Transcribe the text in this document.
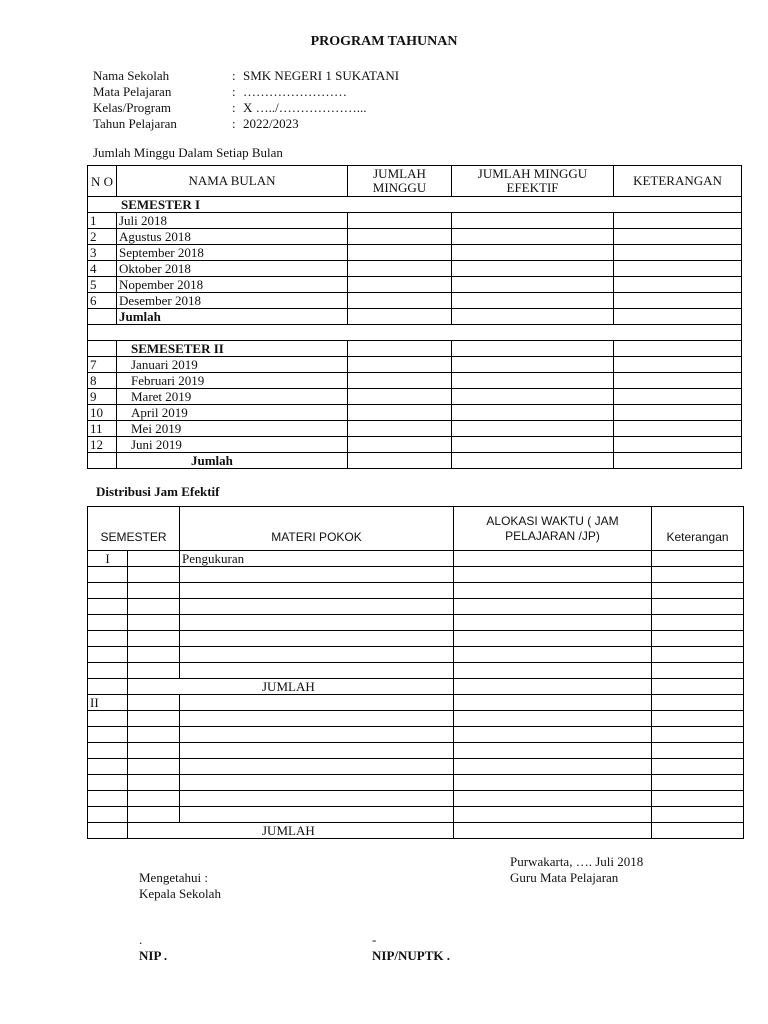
PROGRAM TAHUNAN
Nama Sekolah	: SMK NEGERI 1 SUKATANI
Mata Pelajaran	: ……………………
Kelas/Program	: X …../………………...
Tahun Pelajaran	: 2022/2023
Jumlah Minggu Dalam Setiap Bulan
N O	NAMA BULAN	JUMLAH MINGGU	JUMLAH MINGGU EFEKTIF	KETERANGAN
SEMESTER I				
1	Juli 2018			
2	Agustus 2018			
3	September 2018			
4	Oktober 2018			
5	Nopember 2018			
6	Desember 2018			
	Jumlah			

	SEMESETER II			
7	Januari 2019			
8	Februari 2019			
9	Maret 2019			
10	April 2019			
11	Mei 2019			
12	Juni 2019			
	Jumlah			
Distribusi Jam Efektif
SEMESTER		MATERI POKOK	ALOKASI WAKTU ( JAM PELAJARAN /JP)	Keterangan
I		Pengukuran		

	JUMLAH			
II				

	JUMLAH			
Purwakarta, …. Juli 2018
Mengetahui :	Guru Mata Pelajaran
Kepala Sekolah
.	-
NIP .	NIP/NUPTK .
